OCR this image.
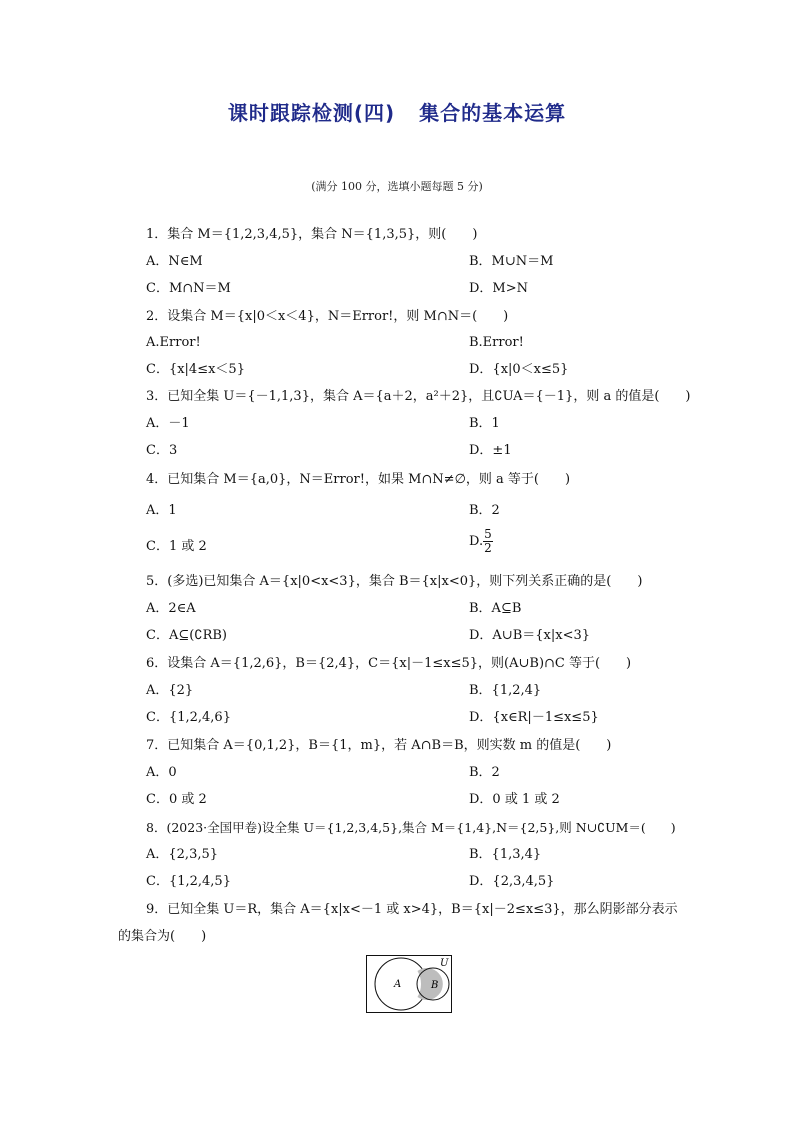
课时跟踪检测(四)   集合的基本运算
(满分 100 分，选填小题每题 5 分)
1．集合 M＝{1,2,3,4,5}，集合 N＝{1,3,5}，则(　　)
A．N∈M	B．M∪N＝M
C．M∩N＝M	D．M>N
2．设集合 M＝{x|0＜x＜4}，N＝Error!，则 M∩N＝(　　)
A.Error!	B.Error!
C．{x|4≤x＜5}	D．{x|0＜x≤5}
3．已知全集 U＝{－1,1,3}，集合 A＝{a＋2，a²＋2}，且∁UA＝{－1}，则 a 的值是(　　)
A．－1	B．1
C．3	D．±1
4．已知集合 M＝{a,0}，N＝Error!，如果 M∩N≠∅，则 a 等于(　　)
A．1	B．2
C．1 或 2	D. $\frac{5}{2}$
5．(多选)已知集合 A＝{x|0<x<3}，集合 B＝{x|x<0}，则下列关系正确的是(　　)
A．2∈A	B．A⊆B
C．A⊆(∁RB)	D．A∪B＝{x|x<3}
6．设集合 A＝{1,2,6}，B＝{2,4}，C＝{x|－1≤x≤5}，则(A∪B)∩C 等于(　　)
A．{2}	B．{1,2,4}
C．{1,2,4,6}	D．{x∈R|－1≤x≤5}
7．已知集合 A＝{0,1,2}，B＝{1，m}，若 A∩B＝B，则实数 m 的值是(　　)
A．0	B．2
C．0 或 2	D．0 或 1 或 2
8．(2023·全国甲卷)设全集 U＝{1,2,3,4,5},集合 M＝{1,4},N＝{2,5},则 N∪∁UM＝(　　)
A．{2,3,5}	B．{1,3,4}
C．{1,2,4,5}	D．{2,3,4,5}
9．已知全集 U＝R，集合 A＝{x|x<－1 或 x>4}，B＝{x|－2≤x≤3}，那么阴影部分表示
的集合为(　　)
U
A	B
